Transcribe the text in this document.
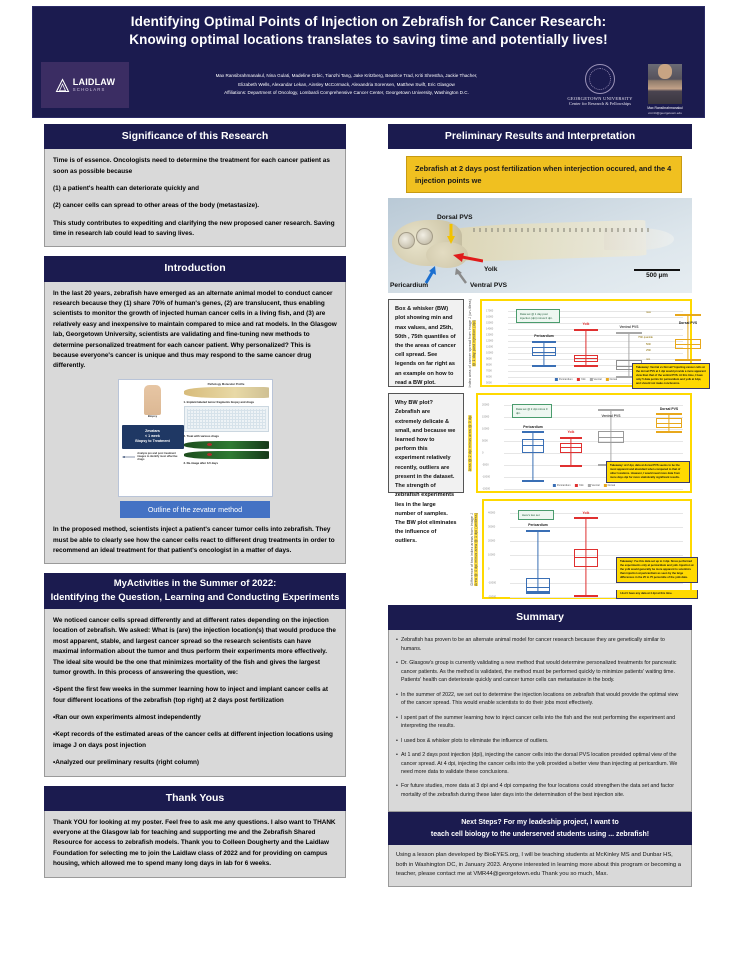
Identifying Optimal Points of Injection on Zebrafish for Cancer Research:
Knowing optimal locations translates to saving time and potentially lives!
LAIDLAW
SCHOLARS
Max Ransibrahmanakul, Nina Gulati, Madeline Grbic, Tianzhi Tang, Jake Kritzberg, Beatrice Trad, Kriti Shrestha, Jackie Thacher,
Elizabeth Wells, Alexandar Lekan, Ainsley McCormack, Alexandria Sorensen, Matthew Swift, Eric Glasgow
Affiliations: Department of Oncology, Lombardi Comprehensive Cancer Center, Georgetown University, Washington D.C.
GEORGETOWN UNIVERSITY
Center for Research & Fellowships
Max Ransibrahmanakul
vmr44@georgetown.edu
Significance of this Research

Time is of essence. Oncologists need to determine the treatment for each cancer patient as soon as possible because

(1) a patient's health can deteriorate quickly and

(2) cancer cells can spread to other areas of the body (metastasize).

This study contributes to expediting and clarifying the new proposed caner research. Saving time in research lab could lead to saving lives.

Introduction

In the last 20 years, zebrafish have emerged as an alternate animal model to conduct cancer research because they (1) share 70% of human's genes, (2) are translucent, thus enabling scientists to monitor the growth of injected human cancer cells in a living fish, and (3) are relatively easy and inexpensive to maintain compared to mice and rat models. In the Glasgow lab, Georgetown University, scientists are validating and fine-tuning new methods to determine personalized treatment for each cancer patient. Why personalized? This is because everyone's cancer is unique and thus may respond to the same cancer drug differently.

Biopsy
Zevatars
< 1 week
Biopsy to Treatment
Analyze pre and post treatment images to identify most effective drugs
Pathology Molecular Profile
1. Implant labeled tumor fragments biopsy and drugs
2. Treat with various drugs
3. Re-image after 3-5 days
Outline of the zevatar method

In the proposed method, scientists inject a patient's cancer tumor cells into zebrafish. They must be able to clearly see how the cancer cells react to different drug treatments in order to recommend an ideal treatment for that patient's oncologist in a matter of days.

MyActivities in the Summer of 2022:
Identifying the Question, Learning and Conducting Experiments

We noticed cancer cells spread differently and at different rates depending on the injection location of zebrafish. We asked: What is (are) the injection location(s) that would produce the most apparent, stable, and largest cancer spread so the research scientists can have maximal information about the tumor and thus perform their experiments more effectively. The ideal site would be the one that minimizes mortality of the fish and gives the largest tumor growth. In this process of answering the question, we:

•Spent the first few weeks in the summer learning how to inject and implant cancer cells at four different locations of the zebrafish (top right) at 2 days post fertilization

•Ran our own experiments almost independently

•Kept records of the estimated areas of the cancer cells at different injection locations using image J on days post injection

•Analyzed our preliminary results (right column)

Thank Yous

Thank YOU for looking at my poster. Feel free to ask me any questions. I also want to THANK everyone at the Glasgow lab for teaching and supporting me and the Zebrafish Shared Resource for access to zebrafish models. Thank you to Colleen Dougherty and the Laidlaw Foundation for selecting me to join the Laidlaw class of 2022 and for providing on campus housing, which allowed me to spend many long days in lab for 6 weeks.

Preliminary Results and Interpretation
Zebrafish at 2 days post fertilization when interjection occured, and the 4 injection points we
Dorsal PVS
Yolk
Pericardium	Ventral PVS
500 µm
Box & whisker (BW) plot showing min and max values, and 25th, 50th , 75th quantiles of the the areas of cancer cell spread. See legends on far right as an example on how to read a BW plot.	Index area of cancer spread from image J (un-itless) @ 1 day post injection (dpi)
17000
16000
15000
14000
13000
12000
11000
10000
9000
8000
7000
6000
5000
Data set @ 1 day post injection (dpi) minus 0 dpi.
Pericardium
Yolk
Ventral PVS
Dorsal PVS
max
75th quantile
50th
25th
min
Takeaway: Ventral vs Dorsal? Injecting cancer cells at the dorsal PVS at 1 dpi would provide a more apparent view than that of the ventral PVS. At this time, I have only 5 data points for pericardium and yolk at 1dpi, and should not make conclusions.
Pericardium	Yolk	Ventral	Dorsal
Why BW plot? Zebrafish are extremely delicate & small, and because we learned how to perform this experiment relatively recently, outliers are present in the dataset. The strength of zebrafish experiments lies in the large number of samples. The BW plot eliminates the influence of outliers.
Area @ 2 dpi minus area @ 0 dpi
20000
15000
10000
5000
0
-5000
-10000
-15000
Data set @ 2 dpi minus 0 dpi.
Pericardium
Yolk
Ventral PVS
Dorsal PVS
Takeaway: at 2 dpi, data at dorsal PVS seems to be the most apparent and abundant when compared to that of other locations. However, I would need more data from more days dpi for more statistically significant results.
Pericardium	Yolk	Ventral	Dorsal
Difference of two index areas from image J Area @ 4 dpi minus area @ 1 dpi (unitless)	40000
30000
20000
10000
0
-10000
-20000
Here's two set
Pericardium
Yolk
Takeaway: I've this data set up to 4 dpi. Since performed the experiments only at pericardium and yolk. Injection at the yolk would generally be more apparent to scientists than injection at pericardium as seen by the large differences in the 25 to 75 percentile of the yolk data.
I don't have any data at 4 dpi at this time.
Summary
• Zebrafish has proven to be an alternate animal model for cancer research because they are genetically similar to humans.
• Dr. Glasgow's group is currently validating a new method that would determine personalized treatments for pancreatic cancer patients. As the method is validated, the method must be performed quickly to minimize patients' waiting time. Patients' health can deteriorate quickly and cancer tumor cells can metastasize in the body.
• In the summer of 2022, we set out to determine the injection locations on zebrafish that would provide the optimal view of the cancer spread. This would enable scientists to do their jobs most effectively.
• I spent part of the summer learning how to inject cancer cells into the fish and the rest performing the experiment and interpreting the results.
• I used box & whisker plots to eliminate the influence of outliers.
• At 1 and 2 days post injection (dpi), injecting the cancer cells into the dorsal PVS location provided optimal view of the cancer spread. At 4 dpi, injecting the cancer cells into the yolk provided a better view than injecting at pericardium. We need more data to validate these conclusions.
• For future studies, more data at 3 dpi and 4 dpi comparing the four locations could strengthen the data set and factor mortality of the zebrafish during these later days into the determination of the best injection site.
Next Steps? For my leadeship project, I want to
teach cell biology to the underserved students using ... zebrafish!
Using a lesson plan developed by BioEYES.org, I will be teaching students at McKinley MS and Dunbar HS, both in Washington DC, in January 2023. Anyone interested in learning more about this program or becoming a teacher, please contact me at VMR44@georgetown.edu Thank you so much, Max.
